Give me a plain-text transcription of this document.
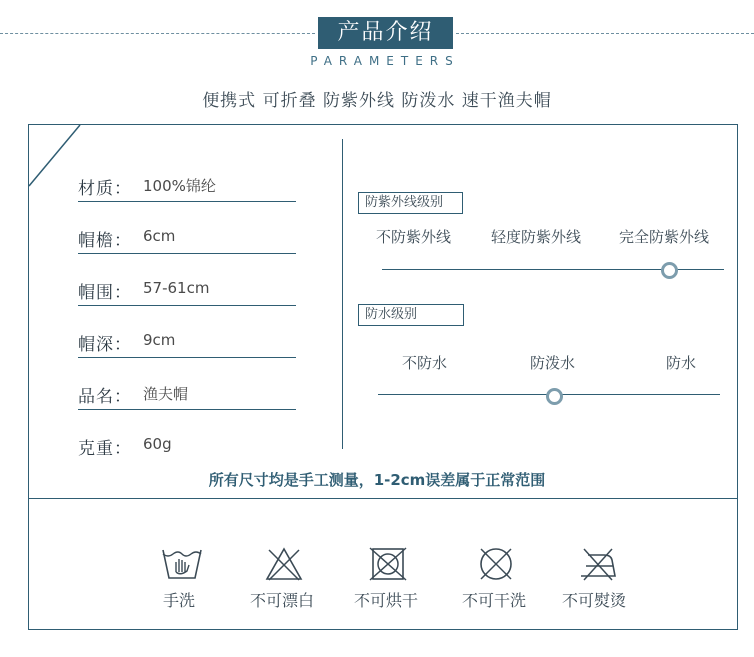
产品介绍
PARAMETERS
便携式 可折叠 防紫外线 防泼水 速干渔夫帽
材质： 100%锦纶
帽檐： 6cm
帽围： 57-61cm
帽深： 9cm
品名： 渔夫帽
克重： 60g
防紫外线级别
不防紫外线	轻度防紫外线	完全防紫外线
防水级别
不防水	防泼水	防水
所有尺寸均是手工测量，1-2cm误差属于正常范围
手洗	不可漂白 不可烘干	不可干洗 不可熨烫
